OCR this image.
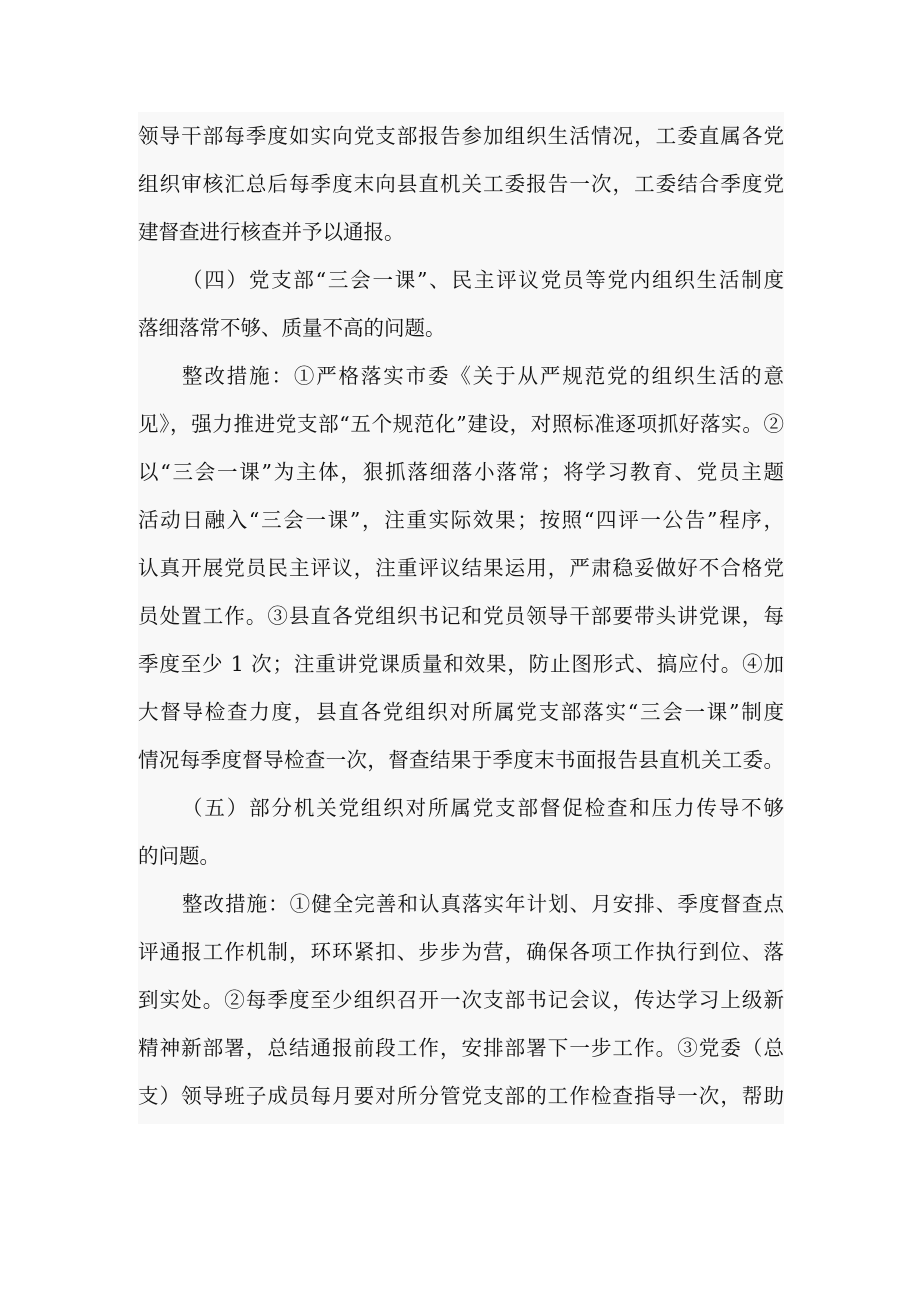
领导干部每季度如实向党支部报告参加组织生活情况，工委直属各党
组织审核汇总后每季度末向县直机关工委报告一次，工委结合季度党
建督查进行核查并予以通报。
（四）党支部“三会一课”、民主评议党员等党内组织生活制度
落细落常不够、质量不高的问题。
整改措施：①严格落实市委《关于从严规范党的组织生活的意
见》，强力推进党支部“五个规范化”建设，对照标准逐项抓好落实。②
以“三会一课”为主体，狠抓落细落小落常；将学习教育、党员主题
活动日融入“三会一课”，注重实际效果；按照“四评一公告”程序，
认真开展党员民主评议，注重评议结果运用，严肃稳妥做好不合格党
员处置工作。③县直各党组织书记和党员领导干部要带头讲党课，每
季度至少 1 次；注重讲党课质量和效果，防止图形式、搞应付。④加
大督导检查力度，县直各党组织对所属党支部落实“三会一课”制度
情况每季度督导检查一次，督查结果于季度末书面报告县直机关工委。
（五）部分机关党组织对所属党支部督促检查和压力传导不够
的问题。
整改措施：①健全完善和认真落实年计划、月安排、季度督查点
评通报工作机制，环环紧扣、步步为营，确保各项工作执行到位、落
到实处。②每季度至少组织召开一次支部书记会议，传达学习上级新
精神新部署，总结通报前段工作，安排部署下一步工作。③党委（总
支）领导班子成员每月要对所分管党支部的工作检查指导一次，帮助
